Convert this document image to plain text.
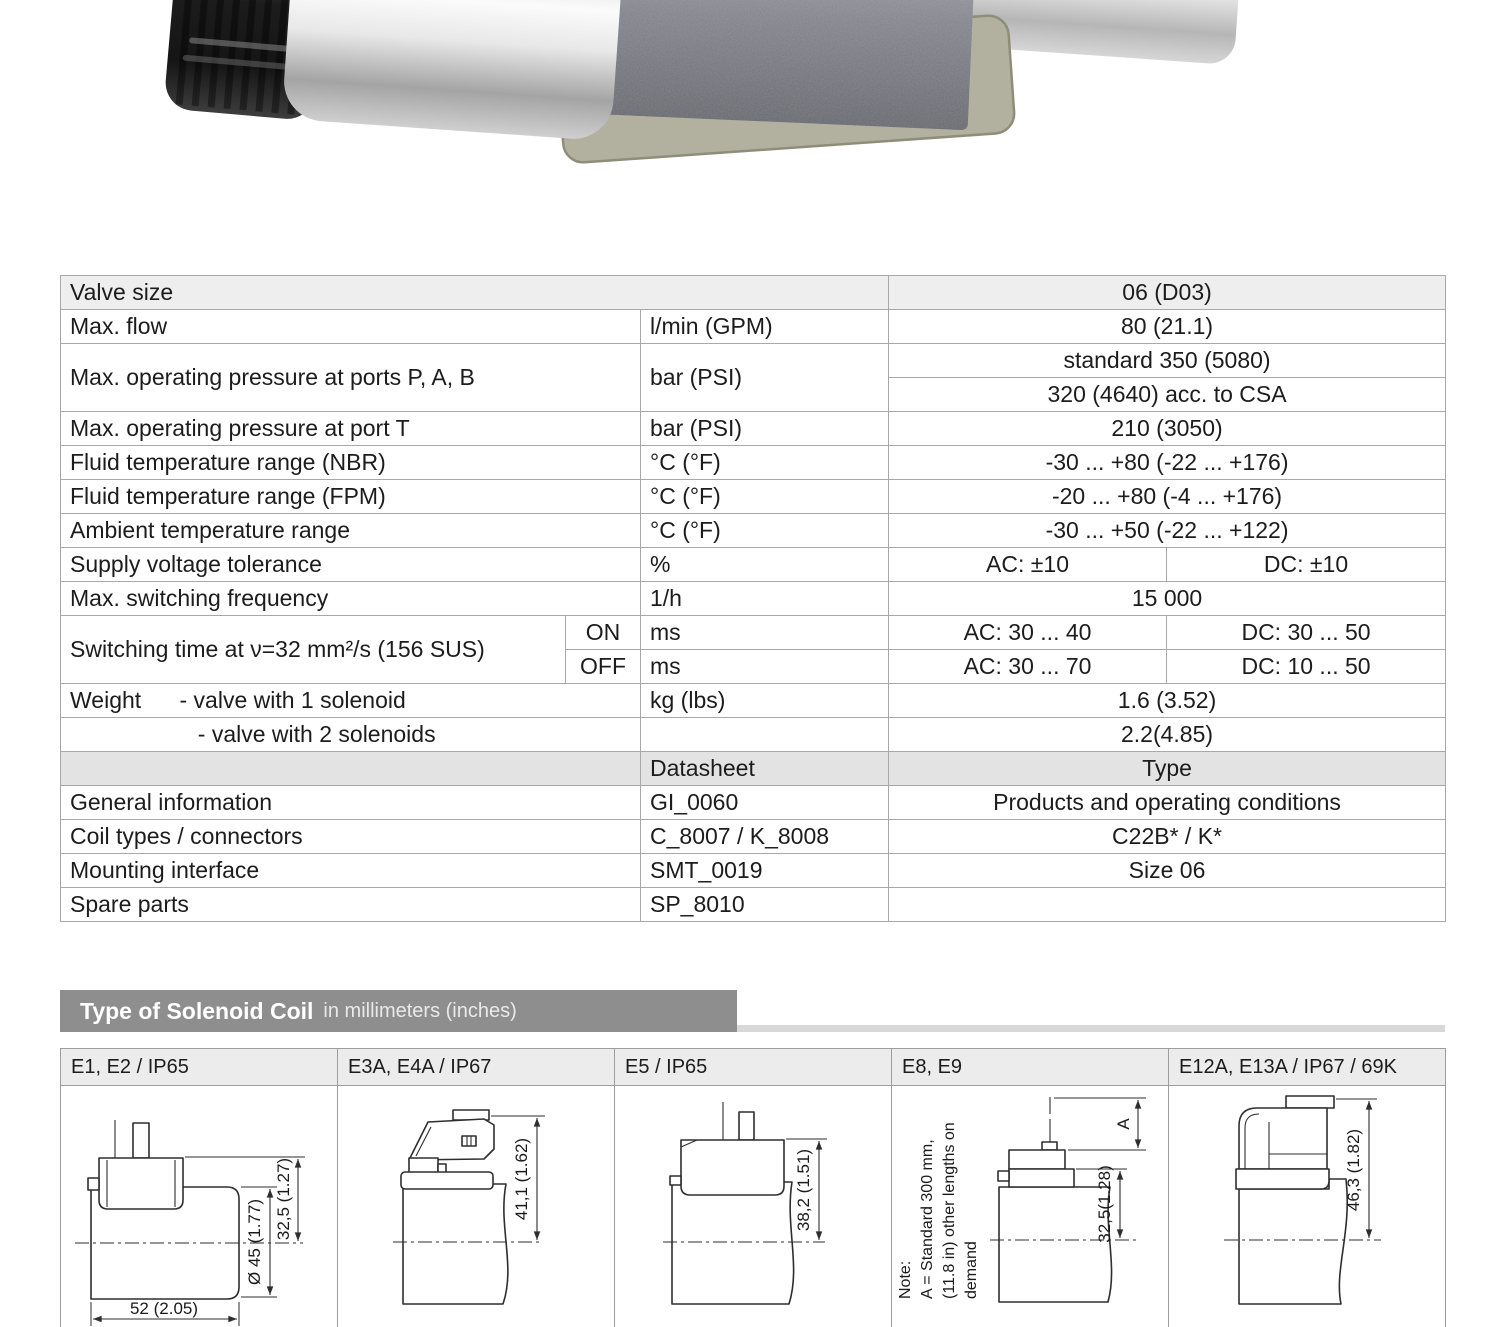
Valve size			06 (D03)	
Max. flow		l/min (GPM)	80 (21.1)	
Max. operating pressure at ports P, A, B		bar (PSI)	standard 350 (5080)	
			320 (4640) acc. to CSA	
Max. operating pressure at port T		bar (PSI)	210 (3050)	
Fluid temperature range (NBR)		°C (°F)	-30 ... +80 (-22 ... +176)	
Fluid temperature range (FPM)		°C (°F)	-20 ... +80 (-4 ... +176)	
Ambient temperature range		°C (°F)	-30 ... +50 (-22 ... +122)	
Supply voltage tolerance		%	AC: ±10	DC: ±10
Max. switching frequency		1/h	15 000	
Switching time at ν=32 mm²/s (156 SUS)	ON	ms	AC: 30 ... 40	DC: 30 ... 50
	OFF	ms	AC: 30 ... 70	DC: 10 ... 50
Weight      - valve with 1 solenoid		kg (lbs)	1.6 (3.52)	
- valve with 2 solenoids			2.2(4.85)	
		Datasheet	Type	
General information		GI_0060	Products and operating conditions	
Coil types / connectors		C_8007 / K_8008	C22B* / K*	
Mounting interface		SMT_0019	Size 06	
Spare parts		SP_8010		
Type of Solenoid Coil in millimeters (inches)
E1, E2 / IP65	E3A, E4A / IP67	E5 / IP65	E8, E9	E12A, E13A / IP67 / 69K

Ø 45 (1.77) 32,5 (1.27)
52 (2.05)

41,1 (1.62)	38,2 (1.51)

Note: A = Standard 300 mm, (11.8 in) other lengths on demand
A
32,5(1.28)	46,3 (1.82)
